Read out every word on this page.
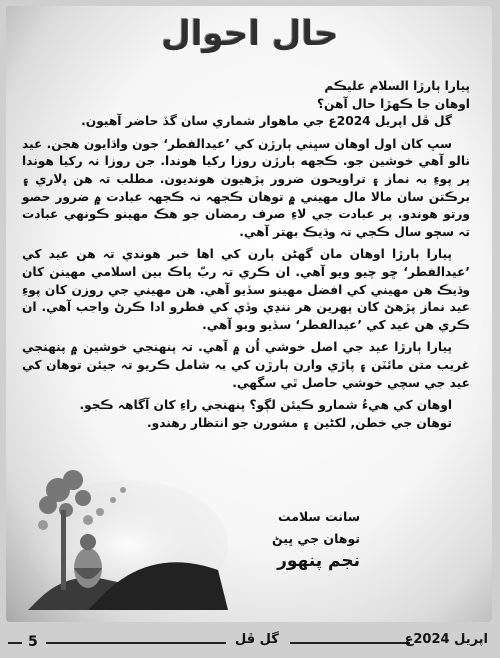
حال احوال

پيارا ٻارڙا السلام عليڪم

اوهان جا ڪهڙا حال آهن؟

گل ڦل اپريل 2024ع جي ماهوار شماري سان گڏ حاضر آهيون.

سڀ کان اول اوهان سڀني ٻارڙن کي ’عيدالفطر‘ جون واڌايون هجن. عيد نالو آهي خوشين جو. ڪجهه ٻارڙن روزا رکيا هوندا. جن روزا نہ رکيا هوندا پر پوءِ بہ نماز ۽ تراويحون ضرور پڙهيون هونديون. مطلب تہ هن ﭘلاري ۽ برڪتن سان مالا مال مهيني ۾ توهان ڪجهہ نہ ڪجهہ عبادت ۾ ضرور حصو ورتو هوندو. پر عبادت جي لاءِ صرف رمضان جو هڪ مهينو ڪونهي عبادت تہ سڄو سال ڪجي تہ وڌيڪ بهتر آهي.

پيارا ٻارڙا اوهان مان گهڻن ٻارن کي اها خبر هوندي تہ هن عيد کي ’عيدالفطر‘ ڇو چيو ويو آهي. ان ڪري تہ ربّ پاڪ بين اسلامي مهينن کان وڌيڪ هن مهيني کي افضل مهينو سڏيو آهي. هن مهيني جي روزن کان پوءِ عيد نماز پڙهڻ کان پهرين هر ننڍي وڏي کي فطرو ادا ڪرڻ واجب آهي. ان ڪري هن عيد کي ’عيدالفطر‘ سڏيو ويو آهي.

پيارا ٻارڙا عيد جي اصل خوشي اُن ۾ آهي. تہ پنهنجي خوشين ۾ پنهنجي غريب متن مائٽن ۽ پاڙي وارن ٻارڙن کي بہ شامل ڪريو تہ جيئن توهان کي عيد جي سچي خوشي حاصل ٿي سگهي.

اوهان کي هيءُ شمارو ڪيئن لڳو؟ پنهنجي راءِ کان آگاهہ ڪجو.

توهان جي خطن, لکڻين ۽ مشورن جو انتظار رهندو.

سانت سلامت
توهان جي ڀيڻ
نجم پنهور
5	گل ڦل	اپريل 2024ع
